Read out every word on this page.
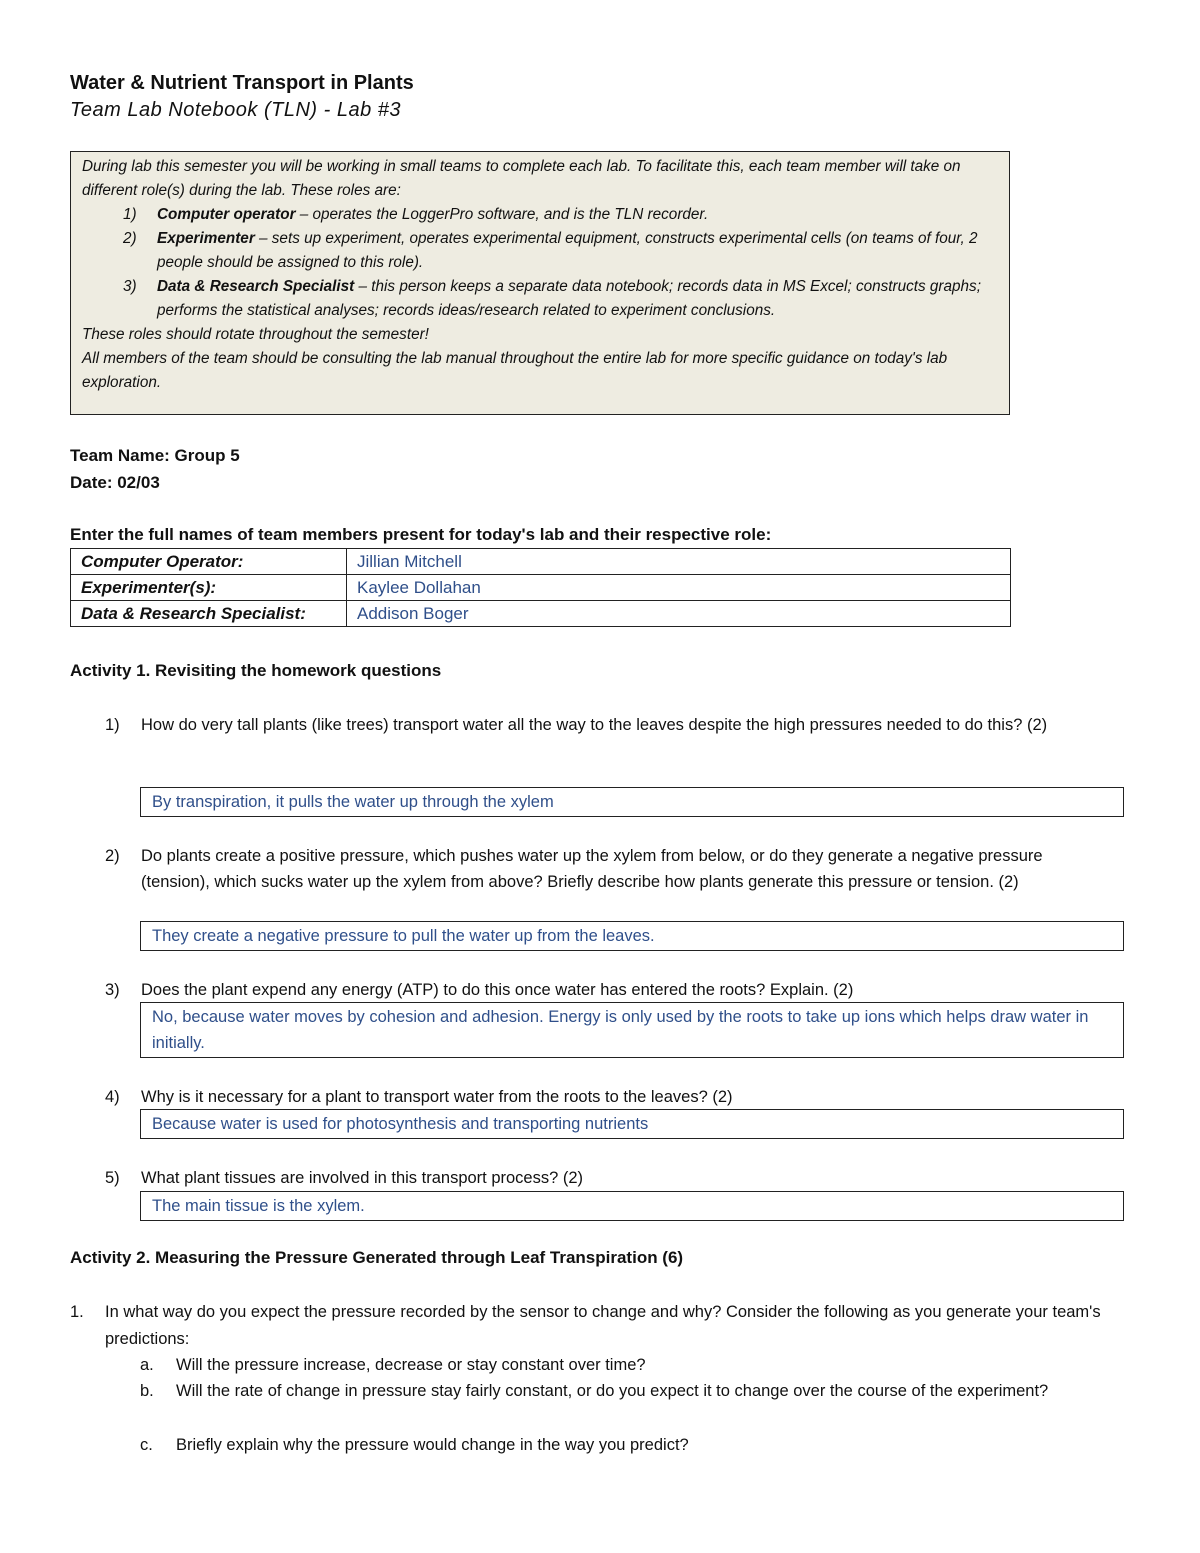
Water & Nutrient Transport in Plants
Team Lab Notebook (TLN) - Lab #3
During lab this semester you will be working in small teams to complete each lab. To facilitate this, each team member will take on different role(s) during the lab. These roles are:
1) Computer operator – operates the LoggerPro software, and is the TLN recorder.
2) Experimenter – sets up experiment, operates experimental equipment, constructs experimental cells (on teams of four, 2 people should be assigned to this role).
3) Data & Research Specialist – this person keeps a separate data notebook; records data in MS Excel; constructs graphs; performs the statistical analyses; records ideas/research related to experiment conclusions.
These roles should rotate throughout the semester!
All members of the team should be consulting the lab manual throughout the entire lab for more specific guidance on today's lab exploration.
Team Name: Group 5
Date: 02/03
Enter the full names of team members present for today's lab and their respective role:
Computer Operator:	Jillian Mitchell
Experimenter(s):	Kaylee Dollahan
Data & Research Specialist:	Addison Boger
Activity 1. Revisiting the homework questions
1) How do very tall plants (like trees) transport water all the way to the leaves despite the high pressures needed to do this? (2)
By transpiration, it pulls the water up through the xylem
2) Do plants create a positive pressure, which pushes water up the xylem from below, or do they generate a negative pressure (tension), which sucks water up the xylem from above? Briefly describe how plants generate this pressure or tension. (2)
They create a negative pressure to pull the water up from the leaves.
3) Does the plant expend any energy (ATP) to do this once water has entered the roots? Explain. (2)
No, because water moves by cohesion and adhesion. Energy is only used by the roots to take up ions which helps draw water in initially.
4) Why is it necessary for a plant to transport water from the roots to the leaves? (2)
Because water is used for photosynthesis and transporting nutrients
5) What plant tissues are involved in this transport process? (2)
The main tissue is the xylem.
Activity 2. Measuring the Pressure Generated through Leaf Transpiration (6)
1. In what way do you expect the pressure recorded by the sensor to change and why? Consider the following as you generate your team's predictions:
a. Will the pressure increase, decrease or stay constant over time?
b. Will the rate of change in pressure stay fairly constant, or do you expect it to change over the course of the experiment?
c. Briefly explain why the pressure would change in the way you predict?
